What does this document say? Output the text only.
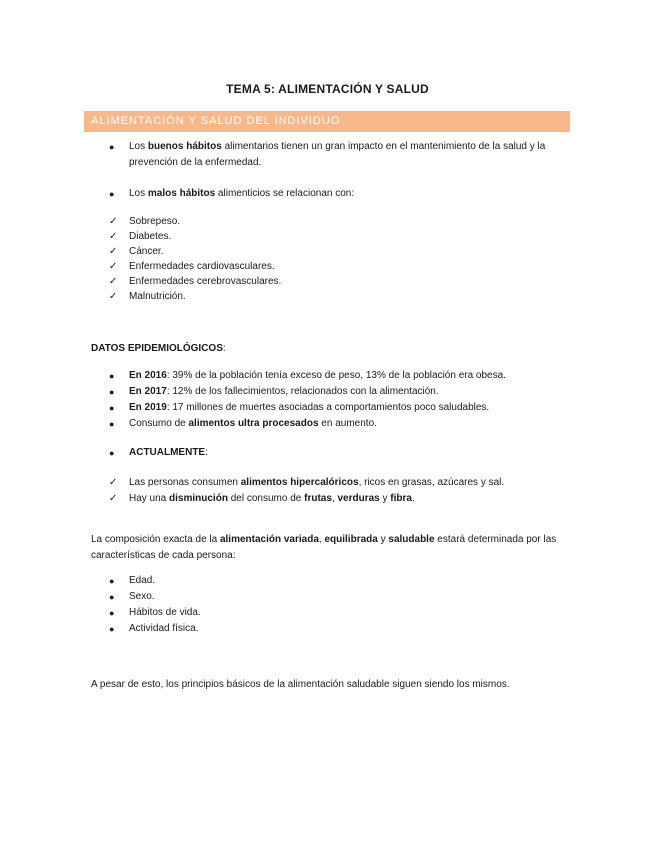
TEMA 5: ALIMENTACIÓN Y SALUD
ALIMENTACIÓN Y SALUD DEL INDIVIDUO
● Los buenos hábitos alimentarios tienen un gran impacto en el mantenimiento de la salud y la prevención de la enfermedad.
● Los malos hábitos alimenticios se relacionan con:
✓ Sobrepeso.
✓ Diabetes.
✓ Cáncer.
✓ Enfermedades cardiovasculares.
✓ Enfermedades cerebrovasculares.
✓ Malnutrición.
DATOS EPIDEMIOLÓGICOS:
● En 2016: 39% de la población tenía exceso de peso, 13% de la población era obesa.
● En 2017: 12% de los fallecimientos, relacionados con la alimentación.
● En 2019: 17 millones de muertes asociadas a comportamientos poco saludables.
● Consumo de alimentos ultra procesados en aumento.
● ACTUALMENTE:
✓ Las personas consumen alimentos hipercalóricos, ricos en grasas, azúcares y sal.
✓ Hay una disminución del consumo de frutas, verduras y fibra.
La composición exacta de la alimentación variada, equilibrada y saludable estará determinada por las características de cada persona:
● Edad.
● Sexo.
● Hábitos de vida.
● Actividad física.
A pesar de esto, los principios básicos de la alimentación saludable siguen siendo los mismos.
